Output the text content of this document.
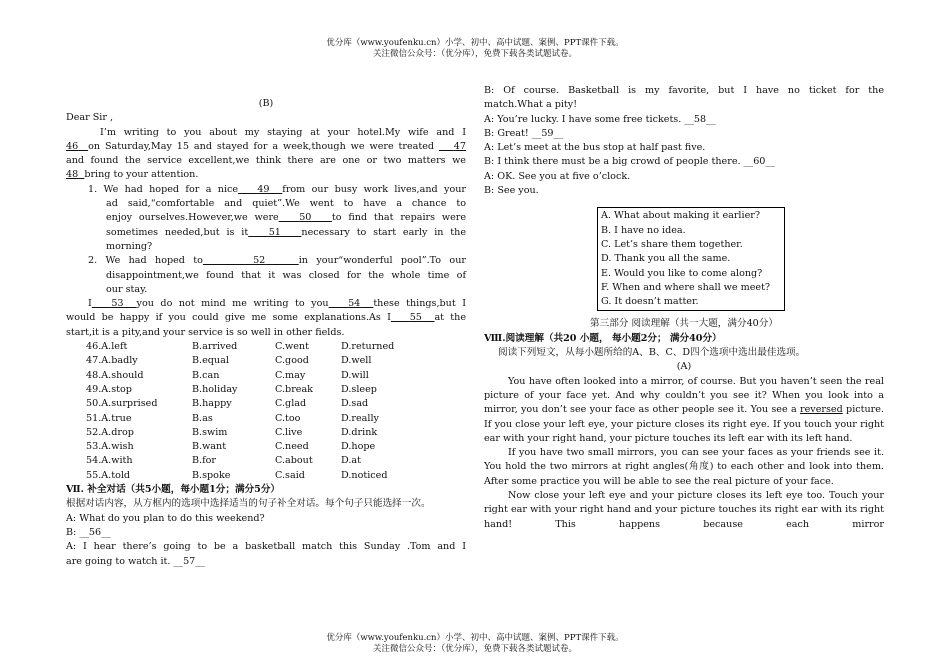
优分库（www.youfenku.cn）小学、初中、高中试题、案例、PPT课件下载。
关注微信公众号：（优分库），免费下载各类试题试卷。
(B)
Dear Sir ,
I’m writing to you about my staying at your hotel.My wife and I
46 on Saturday,May 15 and stayed for a week,though we were treated 47
and found the service excellent,we think there are one or two matters we
48 bring to your attention.
1. We had hoped for a nice 49 from our busy work lives,and your
ad said,“comfortable and quiet”.We went to have a chance to
enjoy ourselves.However,we were 50 to find that repairs were
sometimes needed,but is it 51 necessary to start early in the
morning?
2. We had hoped to	52	in your“wonderful pool”.To our
disappointment,we found that it was closed for the whole time of
our stay.
I 53 you do not mind me writing to you 54 these things,but I
would be happy if you could give me some explanations.As I 55 at the
start,it is a pity,and your service is so well in other fields.
46.A.left	B.arrived	C.went	D.returned
47.A.badly	B.equal	C.good	D.well
48.A.should	B.can	C.may	D.will
49.A.stop	B.holiday	C.break	D.sleep
50.A.surprised	B.happy	C.glad	D.sad
51.A.true	B.as	C.too	D.really
52.A.drop	B.swim	C.live	D.drink
53.A.wish	B.want	C.need	D.hope
54.A.with	B.for	C.about	D.at
55.A.told	B.spoke	C.said	D.noticed
Ⅶ. 补全对话（共5小题，每小题1分；满分5分）
根据对话内容，从方框内的选项中选择适当的句子补全对话。每个句子只能选择一次。
A: What do you plan to do this weekend?
B: __56__
A: I hear there’s going to be a basketball match this Sunday .Tom and I
are going to watch it. __57__
B: Of course. Basketball is my favorite, but I have no ticket for the
match.What a pity!
A: You’re lucky. I have some free tickets. __58__
B: Great! __59__
A: Let’s meet at the bus stop at half past five.
B: I think there must be a big crowd of people there. __60__
A: OK. See you at five o’clock.
B: See you.
A. What about making it earlier?
B. I have no idea.
C. Let’s share them together.
D. Thank you all the same.
E. Would you like to come along?
F. When and where shall we meet?
G. It doesn’t matter.
第三部分 阅读理解（共一大题，满分40分）
Ⅷ.阅读理解（共20 小题， 每小题2分； 满分40分）
阅读下列短文，从每小题所给的A、B、C、D四个选项中选出最佳选项。
(A)
You have often looked into a mirror, of course. But you haven’t seen the real picture of your face yet. And why couldn’t you see it? When you look into a mirror, you don’t see your face as other people see it. You see a reversed picture. If you close your left eye, your picture closes its right eye. If you touch your right ear with your right hand, your picture touches its left ear with its left hand.
If you have two small mirrors, you can see your faces as your friends see it. You hold the two mirrors at right angles(角度) to each other and look into them. After some practice you will be able to see the real picture of your face.
Now close your left eye and your picture closes its left eye too. Touch your right ear with your right hand and your picture touches its right ear with its right hand! This happens because each mirror
优分库（www.youfenku.cn）小学、初中、高中试题、案例、PPT课件下载。
关注微信公众号：（优分库），免费下载各类试题试卷。
